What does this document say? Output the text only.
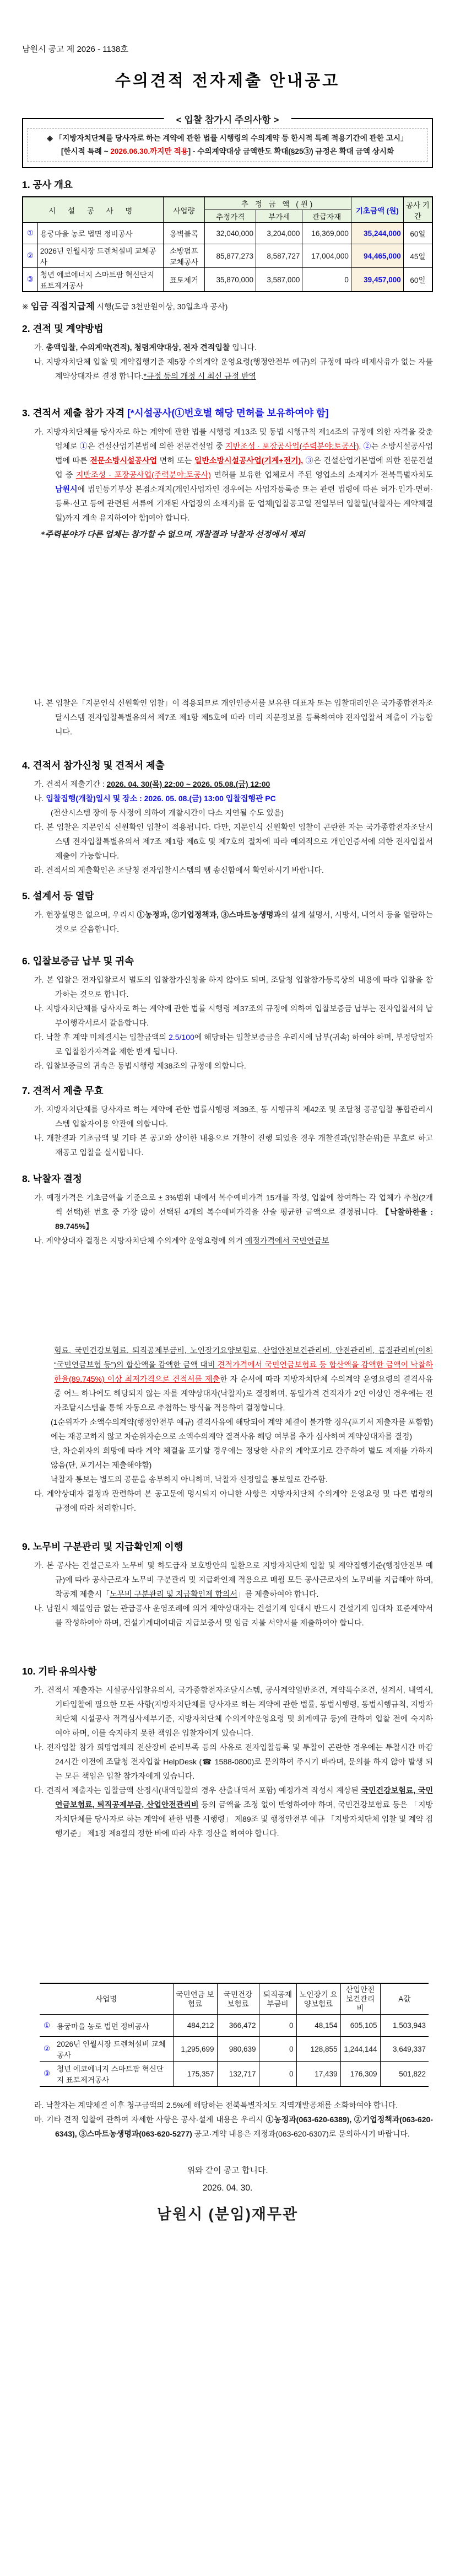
남원시 공고 제 2026 - 1138호
수의견적 전자제출 안내공고
< 입찰 참가시 주의사항 >
◈ 「지방자치단체를 당사자로 하는 계약에 관한 법률 시행령의 수의계약 등 한시적 특례 적용기간에 관한 고시」
[한시적 특례 ~ 2026.06.30.까지만 적용] - 수의계약대상 금액한도 확대(§25③) 규정은 확대 금액 상시화
1. 공사 개요
시 설 공 사 명		사업량	추 정 금 액 (원)			기초금액 (원)	공사 기간
			추정가격	부가세	관급자재		
①	용궁마을 농로 법면 정비공사	옹벽블록	32,040,000	3,204,000	16,369,000	35,244,000	60일
②	2026년 인월시장 드렌처설비 교체공사	소방펌프 교체공사	85,877,273	8,587,727	17,004,000	94,465,000	45일
③	청년 에코에너지 스마트팜 혁신단지 표토제거공사	표토제거	35,870,000	3,587,000	0	39,457,000	60일
※ 임금 직접지급제 시행(도급 3천만원이상, 30일초과 공사)
2. 견적 및 계약방법

가. 총액입찰, 수의계약(견적), 청렴계약대상, 전자 견적입찰 입니다.

나. 지방자치단체 입찰 및 계약집행기준 제5장 수의계약 운영요령(행정안전부 예규)의 규정에 따라 배제사유가 없는 자를 계약상대자로 결정 합니다.*규정 등의 개정 시 최신 규정 반영

3. 견적서 제출 참가 자격 [*시설공사(①번호별 해당 면허를 보유하여야 함]

가. 지방자치단체를 당사자로 하는 계약에 관한 법률 시행령 제13조 및 동법 시행규칙 제14조의 규정에 의한 자격을 갖춘 업체로 ①은 건설산업기본법에 의한 전문건설업 중 지반조성 · 포장공사업(주력분야:토공사), ②는 소방시설공사업법에 따른 전문소방시설공사업 면허 또는 일반소방시설공사업(기계+전기), ③은 건설산업기본법에 의한 전문건설업 중 지반조성 · 포장공사업(주력분야:토공사) 면허를 보유한 업체로서 주된 영업소의 소재지가 전북특별자치도 남원시에 법인등기부상 본점소재지(개인사업자인 경우에는 사업자등록증 또는 관련 법령에 따른 허가·인가·면허·등록·신고 등에 관련된 서류에 기재된 사업장의 소재지)를 둔 업체[입찰공고일 전일부터 입찰일(낙찰자는 계약체결일)까지 계속 유지하여야 함]여야 합니다.

*주력분야가 다른 업체는 참가할 수 없으며, 개찰결과 낙찰자 선정에서 제외

나. 본 입찰은「지문인식 신원확인 입찰」이 적용되므로 개인인증서를 보유한 대표자 또는 입찰대리인은 국가종합전자조달시스템 전자입찰특별유의서 제7조 제1항 제5호에 따라 미리 지문정보를 등록하여야 전자입찰서 제출이 가능합니다.

4. 견적서 참가신청 및 견적서 제출

가. 견적서 제출기간 : 2026. 04. 30(목) 22:00 ~ 2026. 05.08.(금) 12:00

나. 입찰집행(개찰)일시 및 장소 : 2026. 05. 08.(금) 13:00 입찰집행관 PC

(전산시스템 장애 등 사정에 의하여 개찰시간이 다소 지연될 수도 있음)

다. 본 입찰은 지문인식 신원확인 입찰이 적용됩니다. 다만, 지문인식 신원확인 입찰이 곤란한 자는 국가종합전자조달시스템 전자입찰특별유의서 제7조 제1항 제6호 및 제7호의 절차에 따라 예외적으로 개인인증서에 의한 전자입찰서 제출이 가능합니다.

라. 견적서의 제출확인은 조달청 전자입찰시스템의 웹 송신함에서 확인하시기 바랍니다.

5. 설계서 등 열람

가. 현장설명은 없으며, 우리시 ①농정과, ②기업정책과, ③스마트농생명과의 설계 설명서, 시방서, 내역서 등을 열람하는 것으로 갈음합니다.

6. 입찰보증금 납부 및 귀속

가. 본 입찰은 전자입찰로서 별도의 입찰참가신청을 하지 않아도 되며, 조달청 입찰참가등록상의 내용에 따라 입찰을 참가하는 것으로 합니다.

나. 지방자치단체를 당사자로 하는 계약에 관한 법률 시행령 제37조의 규정에 의하여 입찰보증금 납부는 전자입찰서의 납부이행각서로서 갈음합니다.

다. 낙찰 후 계약 미체결시는 입찰금액의 2.5/100에 해당하는 입찰보증금을 우리시에 납부(귀속) 하여야 하며, 부정당업자로 입찰참가자격을 제한 받게 됩니다.

라. 입찰보증금의 귀속은 동법시행령 제38조의 규정에 의합니다.

7. 견적서 제출 무효

가. 지방자치단체를 당사자로 하는 계약에 관한 법률시행령 제39조, 동 시행규칙 제42조 및 조달청 공공입찰 통합관리시스템 입찰자이용 약관에 의합니다.

나. 개찰결과 기초금액 및 기타 본 공고와 상이한 내용으로 개찰이 진행 되었을 경우 개찰결과(입찰순위)를 무효로 하고 재공고 입찰을 실시합니다.

8. 낙찰자 결정

가. 예정가격은 기초금액을 기준으로 ± 3%범위 내에서 복수예비가격 15개를 작성, 입찰에 참여하는 각 업체가 추첨(2개씩 선택)한 번호 중 가장 많이 선택된 4개의 복수예비가격을 산술 평균한 금액으로 결정됩니다. 【낙찰하한율 : 89.745%】

나. 계약상대자 결정은 지방자치단체 수의계약 운영요령에 의거 예정가격에서 국민연금보

험료, 국민건강보험료, 퇴직공제부금비, 노인장기요양보험료, 산업안전보건관리비, 안전관리비, 품질관리비(이하 “국민연금보험 등”)의 합산액을 감액한 금액 대비 견적가격에서 국민연금보험료 등 합산액을 감액한 금액이 낙찰하한율(89.745%) 이상 최저가격으로 견적서를 제출한 자 순서에 따라 지방자치단체 수의계약 운영요령의 결격사유 중 어느 하나에도 해당되지 않는 자를 계약상대자(낙찰자)로 결정하며, 동일가격 견적자가 2인 이상인 경우에는 전자조달시스템을 통해 자동으로 추첨하는 방식을 적용하여 결정합니다.

(1순위자가 소액수의계약(행정안전부 예규) 결격사유에 해당되어 계약 체결이 불가할 경우(포기서 제출자를 포함함)에는 재공고하지 않고 차순위자순으로 소액수의계약 결격사유 해당 여부를 추가 심사하여 계약상대자를 결정)

단, 차순위자의 희망에 따라 계약 체결을 포기할 경우에는 정당한 사유의 계약포기로 간주하여 별도 제재를 가하지 않음(단, 포기서는 제출해야함)

낙찰자 통보는 별도의 공문을 송부하지 아니하며, 낙찰자 선정일을 통보일로 간주함.

다. 계약상대자 결정과 관련하여 본 공고문에 명시되지 아니한 사항은 지방자치단체 수의계약 운영요령 및 다른 법령의 규정에 따라 처리합니다.

9. 노무비 구분관리 및 지급확인제 이행

가. 본 공사는 건설근로자 노무비 및 하도급자 보호방안의 일환으로 지방자치단체 입찰 및 계약집행기준(행정안전부 예규)에 따라 공사근로자 노무비 구분관리 및 지급확인제 적용으로 매월 모든 공사근로자의 노무비를 지급해야 하며, 착공계 제출시「노무비 구분관리 및 지급확인제 합의서」를 제출하여야 합니다.

나. 남원시 체불임금 없는 관급공사 운영조례에 의거 계약상대자는 건설기계 임대시 반드시 건설기계 임대차 표준계약서를 작성하여야 하며, 건설기계대여대금 지급보증서 및 임금 지불 서약서를 제출하여야 합니다.

10. 기타 유의사항

가. 견적서 제출자는 시설공사입찰유의서, 국가종합전자조달시스템, 공사계약일반조건, 계약특수조건, 설계서, 내역서, 기타입찰에 필요한 모든 사항(지방자치단체를 당사자로 하는 계약에 관한 법률, 동법시행령, 동법시행규칙, 지방자치단체 시설공사 적격심사세부기준, 지방자치단체 수의계약운영요령 및 회계예규 등)에 관하여 입찰 전에 숙지하여야 하며, 이를 숙지하지 못한 책임은 입찰자에게 있습니다.

나. 전자입찰 참가 희망업체의 전산장비 준비부족 등의 사유로 전자입찰등록 및 투찰이 곤란한 경우에는 투찰시간 마감 24시간 이전에 조달청 전자입찰 HelpDesk (☎ 1588-0800)로 문의하여 주시기 바라며, 문의를 하지 않아 발생 되는 모든 책임은 입찰 참가자에게 있습니다.

다. 견적서 제출자는 입찰금액 산정시(내역입찰의 경우 산출내역서 포함) 예정가격 작성시 계상된 국민건강보험료, 국민연금보험료, 퇴직공제부금, 산업안전관리비 등의 금액을 조정 없이 반영하여야 하며, 국민건강보험료 등은 「지방자치단체를 당사자로 하는 계약에 관한 법률 시행령」 제89조 및 행정안전부 예규 「지방자치단체 입찰 및 계약 집행기준」 제1장 제8절의 정한 바에 따라 사후 정산을 하여야 합니다.

사업명		국민연금 보험료	국민건강 보험료	퇴직공제 부금비	노인장기 요양보험료	산업안전 보건관리비	A값
①	용궁마을 농로 법면 정비공사	484,212	366,472	0	48,154	605,105	1,503,943
②	2026년 인월시장 드렌처설비 교체공사	1,295,699	980,639	0	128,855	1,244,144	3,649,337
③	청년 에코에너지 스마트팜 혁신단지 표토제거공사	175,357	132,717	0	17,439	176,309	501,822

라. 낙찰자는 계약체결 이후 청구금액의 2.5%에 해당하는 전북특별자치도 지역개발공채를 소화하여야 합니다.

마. 기타 견적 입찰에 관하여 자세한 사항은 공사·설계 내용은 우리시 ①농정과(063-620-6389), ②기업정책과(063-620-6343), ③스마트농생명과(063-620-5277) 공고·계약 내용은 재정과(063-620-6307)로 문의하시기 바랍니다.

위와 같이 공고 합니다.
2026. 04. 30.
남원시 (분임)재무관
